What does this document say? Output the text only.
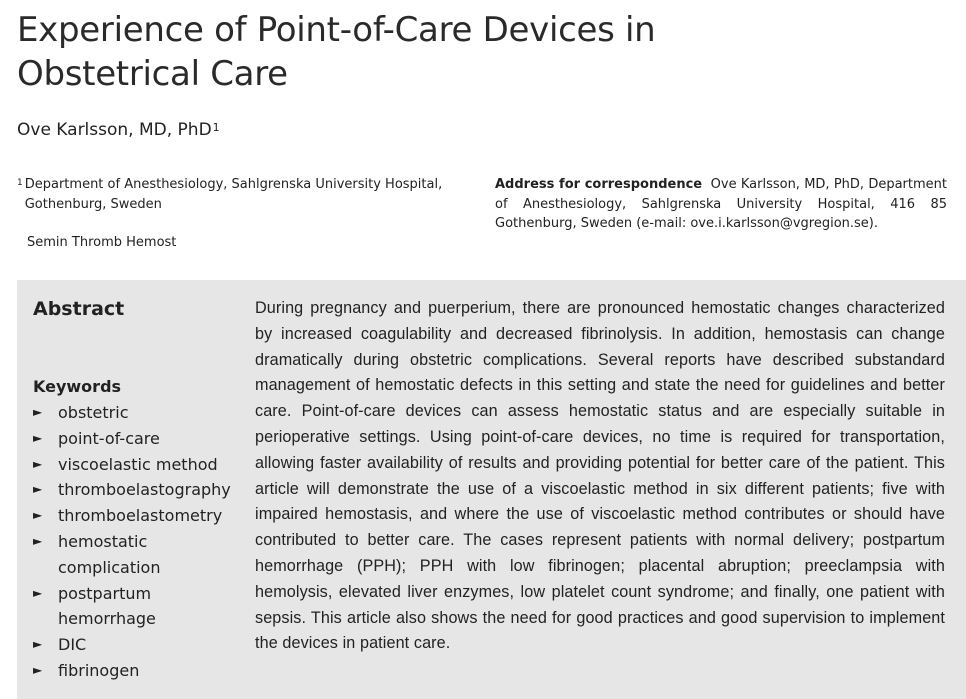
Experience of Point-of-Care Devices in
Obstetrical Care
Ove Karlsson, MD, PhD$^1$
$^1$ Department of Anesthesiology, Sahlgrenska University Hospital, Gothenburg, Sweden
Semin Thromb Hemost
Address for correspondence Ove Karlsson, MD, PhD, Department of Anesthesiology, Sahlgrenska University Hospital, 416 85 Gothenburg, Sweden (e-mail: ove.i.karlsson@vgregion.se).
Abstract
Keywords
► obstetric
► point-of-care
► viscoelastic method
► thromboelastography
► thromboelastometry
► hemostatic complication
► postpartum hemorrhage
► DIC
► fibrinogen

During pregnancy and puerperium, there are pronounced hemostatic changes characterized by increased coagulability and decreased fibrinolysis. In addition, hemostasis can change dramatically during obstetric complications. Several reports have described substandard management of hemostatic defects in this setting and state the need for guidelines and better care. Point-of-care devices can assess hemostatic status and are especially suitable in perioperative settings. Using point-of-care devices, no time is required for transportation, allowing faster availability of results and providing potential for better care of the patient. This article will demonstrate the use of a viscoelastic method in six different patients; five with impaired hemostasis, and where the use of viscoelastic method contributes or should have contributed to better care. The cases represent patients with normal delivery; postpartum hemorrhage (PPH); PPH with low fibrinogen; placental abruption; preeclampsia with hemolysis, elevated liver enzymes, low platelet count syndrome; and finally, one patient with sepsis. This article also shows the need for good practices and good supervision to implement the devices in patient care.
